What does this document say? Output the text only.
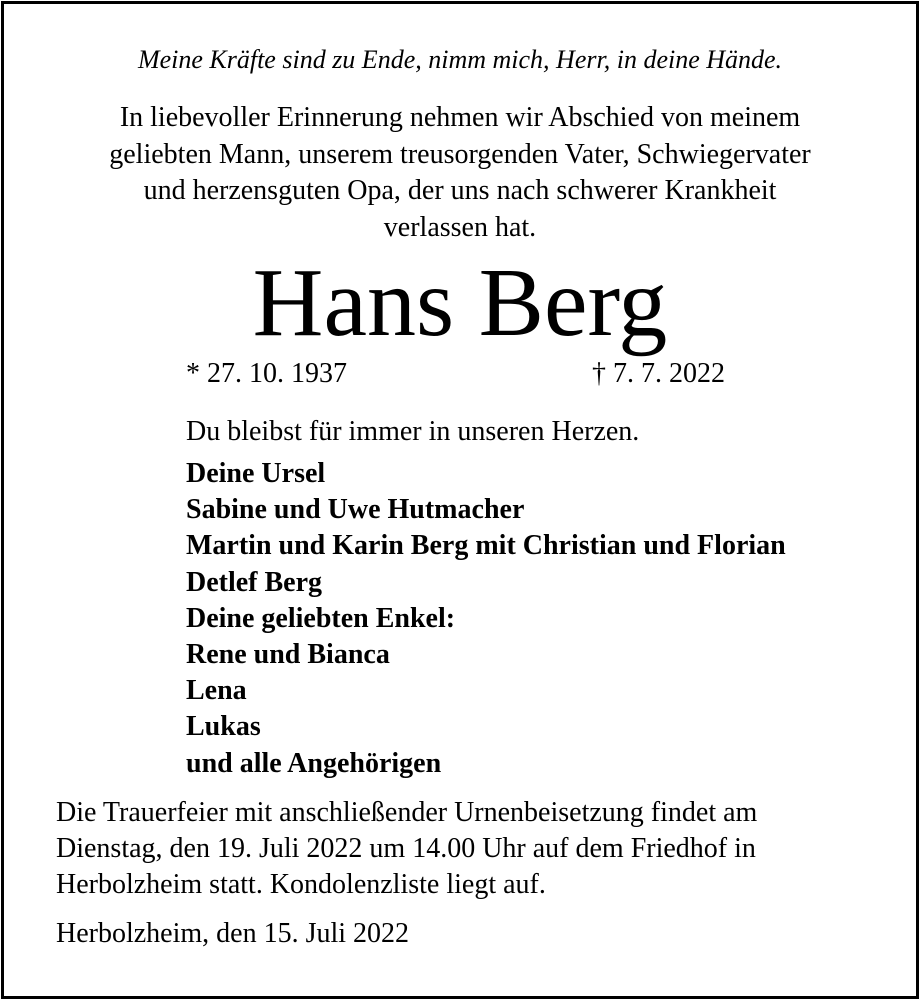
Meine Kräfte sind zu Ende, nimm mich, Herr, in deine Hände.
In liebevoller Erinnerung nehmen wir Abschied von meinem
geliebten Mann, unserem treusorgenden Vater, Schwiegervater
und herzensguten Opa, der uns nach schwerer Krankheit
verlassen hat.
Hans Berg
* 27. 10. 1937	† 7. 7. 2022
Du bleibst für immer in unseren Herzen.
Deine Ursel
Sabine und Uwe Hutmacher
Martin und Karin Berg mit Christian und Florian
Detlef Berg
Deine geliebten Enkel:
Rene und Bianca
Lena
Lukas
und alle Angehörigen
Die Trauerfeier mit anschließender Urnenbeisetzung findet am
Dienstag, den 19. Juli 2022 um 14.00 Uhr auf dem Friedhof in
Herbolzheim statt. Kondolenzliste liegt auf.
Herbolzheim, den 15. Juli 2022
